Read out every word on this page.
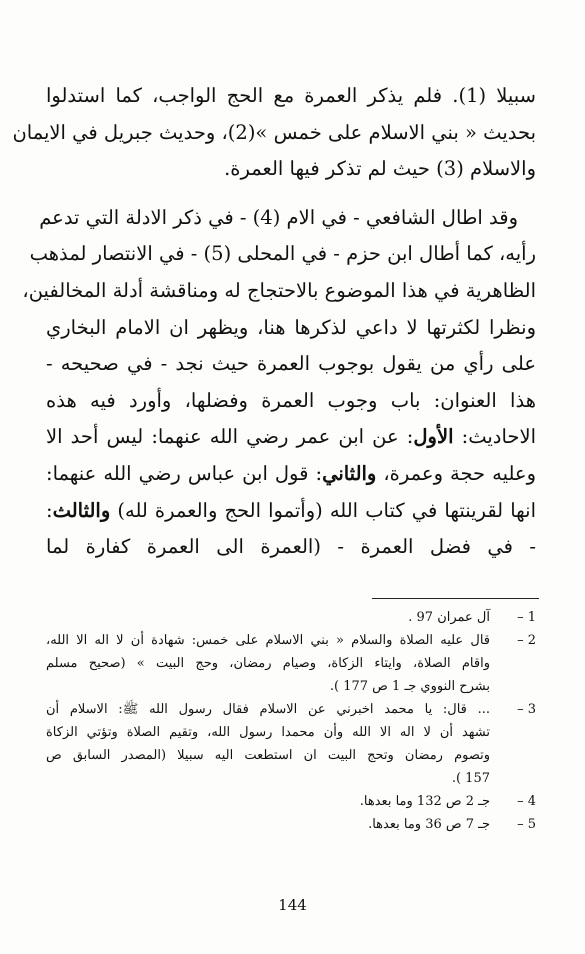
سبيلا (1). فلم يذكر العمرة مع الحج الواجب، كما استدلوا
بحديث « بني الاسلام على خمس »(2)، وحديث جبريل في الايمان
والاسلام (3) حيث لم تذكر فيها العمرة.
وقد اطال الشافعي - في الام (4) - في ذكر الادلة التي تدعم
رأيه، كما أطال ابن حزم - في المحلى (5) - في الانتصار لمذهب
الظاهرية في هذا الموضوع بالاحتجاج له ومناقشة أدلة المخالفين،
ونظرا لكثرتها لا داعي لذكرها هنا، ويظهر ان الامام البخاري
على رأي من يقول بوجوب العمرة حيث نجد - في صحيحه -
هذا العنوان: باب وجوب العمرة وفضلها، وأورد فيه هذه
الاحاديث: الأول: عن ابن عمر رضي الله عنهما: ليس أحد الا
وعليه حجة وعمرة، والثاني: قول ابن عباس رضي الله عنهما:
انها لقرينتها في كتاب الله (وأتموا الحج والعمرة لله) والثالث:
- في فضل العمرة - (العمرة الى العمرة كفارة لما
1 –
آل عمران 97 .
2 –
قال عليه الصلاة والسلام « بني الاسلام على خمس: شهادة أن لا اله الا الله،
واقام الصلاة، وايتاء الزكاة، وصيام رمضان، وحج البيت » (صحيح مسلم
بشرح النووي جـ 1 ص 177 ).
3 –
... قال: يا محمد اخبرني عن الاسلام فقال رسول الله ﷺ: الاسلام أن
تشهد أن لا اله الا الله وأن محمدا رسول الله، وتقيم الصلاة وتؤتي الزكاة
وتصوم رمضان وتحج البيت ان استطعت اليه سبيلا (المصدر السابق ص
157 ).
4 –
جـ 2 ص 132 وما بعدها.
5 –
جـ 7 ص 36 وما بعدها.
144
